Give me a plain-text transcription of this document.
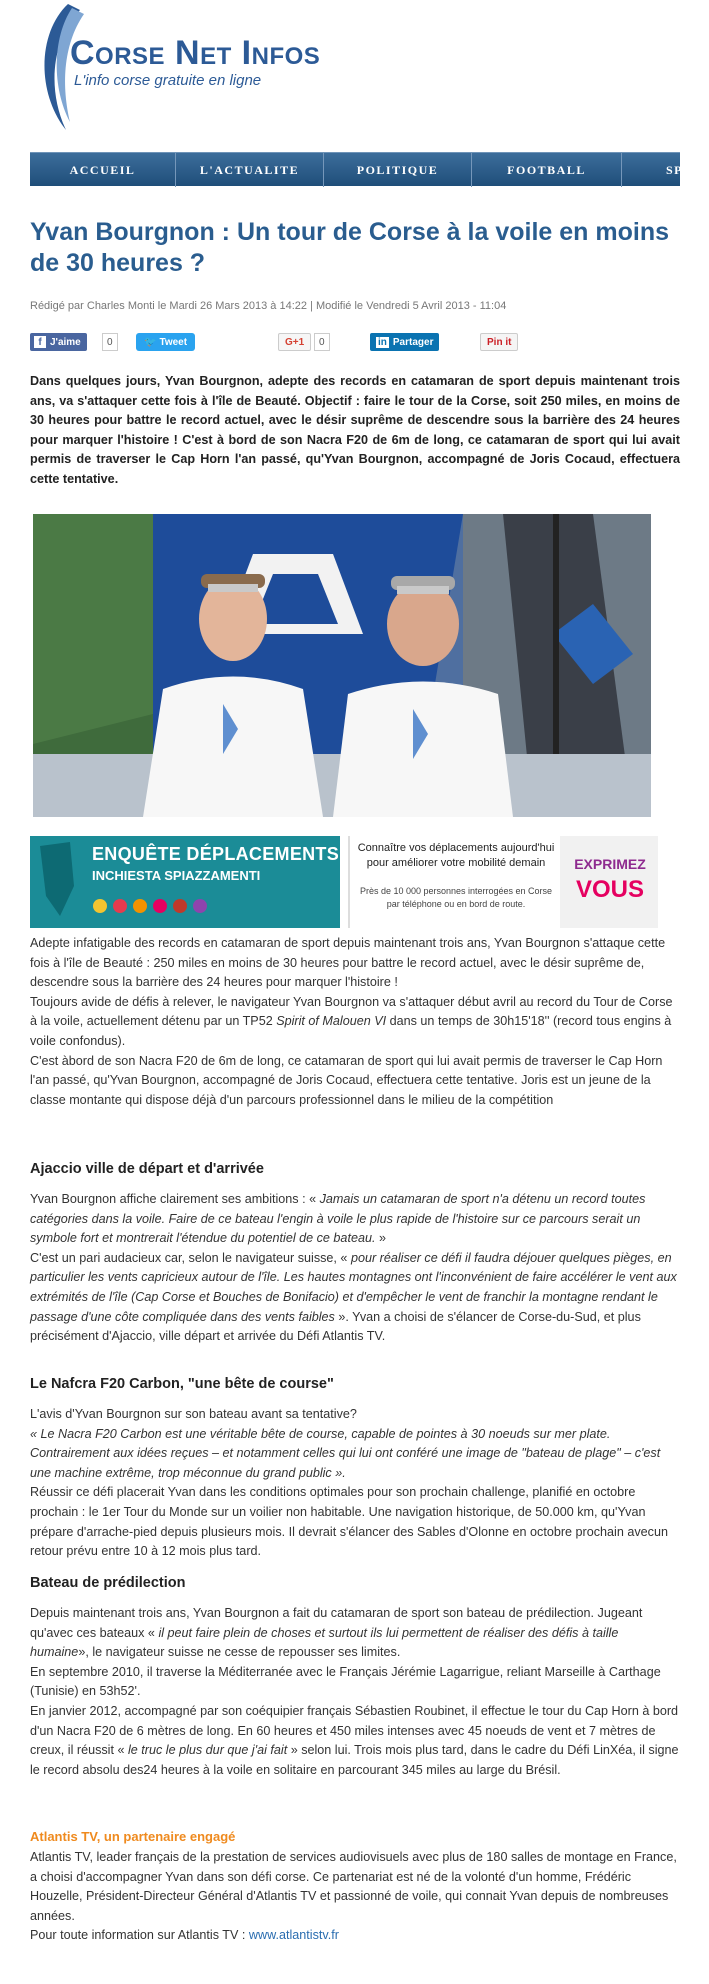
Corse Net Infos
L'info corse gratuite en ligne
ACCUEIL	L'ACTUALITE	POLITIQUE	FOOTBALL	SPO
Yvan Bourgnon : Un tour de Corse à la voile en moins de 30 heures ?
Rédigé par Charles Monti le Mardi 26 Mars 2013 à 14:22 | Modifié le Vendredi 5 Avril 2013 - 11:04
f J'aime	0	🐦 Tweet	G+1	0	in Partager	Pin it

Dans quelques jours, Yvan Bourgnon, adepte des records en catamaran de sport depuis maintenant trois ans, va s'attaquer cette fois à l'île de Beauté. Objectif : faire le tour de la Corse, soit 250 miles, en moins de 30 heures pour battre le record actuel, avec le désir suprême de descendre sous la barrière des 24 heures pour marquer l'histoire ! C'est à bord de son Nacra F20 de 6m de long, ce catamaran de sport qui lui avait permis de traverser le Cap Horn l'an passé, qu'Yvan Bourgnon, accompagné de Joris Cocaud, effectuera cette tentative.

ENQUÊTE DÉPLACEMENTS
INCHIESTA SPIAZZAMENTI
Connaître vos déplacements aujourd'hui
pour améliorer votre mobilité demain
Près de 10 000 personnes interrogées en Corse
par téléphone ou en bord de route.
EXPRIMEZ
VOUS
Adepte infatigable des records en catamaran de sport depuis maintenant trois ans, Yvan Bourgnon s'attaque cette fois à l'île de Beauté : 250 miles en moins de 30 heures pour battre le record actuel, avec le désir suprême de, descendre sous la barrière des 24 heures pour marquer l'histoire !
Toujours avide de défis à relever, le navigateur Yvan Bourgnon va s'attaquer début avril au record du Tour de Corse à la voile, actuellement détenu par un TP52 Spirit of Malouen VI dans un temps de 30h15'18'' (record tous engins à voile confondus).
C'est àbord de son Nacra F20 de 6m de long, ce catamaran de sport qui lui avait permis de traverser le Cap Horn l'an passé, qu'Yvan Bourgnon, accompagné de Joris Cocaud, effectuera cette tentative. Joris est un jeune de la classe montante qui dispose déjà d'un parcours professionnel dans le milieu de la compétition
Ajaccio ville de départ et d'arrivée
Yvan Bourgnon affiche clairement ses ambitions : « Jamais un catamaran de sport n'a détenu un record toutes catégories dans la voile. Faire de ce bateau l'engin à voile le plus rapide de l'histoire sur ce parcours serait un symbole fort et montrerait l'étendue du potentiel de ce bateau. »
C'est un pari audacieux car, selon le navigateur suisse, « pour réaliser ce défi il faudra déjouer quelques pièges, en particulier les vents capricieux autour de l'île. Les hautes montagnes ont l'inconvénient de faire accélérer le vent aux extrémités de l'île (Cap Corse et Bouches de Bonifacio) et d'empêcher le vent de franchir la montagne rendant le passage d'une côte compliquée dans des vents faibles ». Yvan a choisi de s'élancer de Corse-du-Sud, et plus précisément d'Ajaccio, ville départ et arrivée du Défi Atlantis TV.
Le Nafcra F20 Carbon, "une bête de course"
L'avis d'Yvan Bourgnon sur son bateau avant sa tentative?
« Le Nacra F20 Carbon est une véritable bête de course, capable de pointes à 30 noeuds sur mer plate. Contrairement aux idées reçues – et notamment celles qui lui ont conféré une image de "bateau de plage" – c'est une machine extrême, trop méconnue du grand public ».
Réussir ce défi placerait Yvan dans les conditions optimales pour son prochain challenge, planifié en octobre prochain : le 1er Tour du Monde sur un voilier non habitable. Une navigation historique, de 50.000 km, qu'Yvan prépare d'arrache-pied depuis plusieurs mois. Il devrait s'élancer des Sables d'Olonne en octobre prochain avecun retour prévu entre 10 à 12 mois plus tard.
Bateau de prédilection
Depuis maintenant trois ans, Yvan Bourgnon a fait du catamaran de sport son bateau de prédilection. Jugeant qu'avec ces bateaux « il peut faire plein de choses et surtout ils lui permettent de réaliser des défis à taille humaine», le navigateur suisse ne cesse de repousser ses limites.
En septembre 2010, il traverse la Méditerranée avec le Français Jérémie Lagarrigue, reliant Marseille à Carthage (Tunisie) en 53h52'.
En janvier 2012, accompagné par son coéquipier français Sébastien Roubinet, il effectue le tour du Cap Horn à bord d'un Nacra F20 de 6 mètres de long. En 60 heures et 450 miles intenses avec 45 noeuds de vent et 7 mètres de creux, il réussit « le truc le plus dur que j'ai fait » selon lui. Trois mois plus tard, dans le cadre du Défi LinXéa, il signe le record absolu des24 heures à la voile en solitaire en parcourant 345 miles au large du Brésil.
Atlantis TV, un partenaire engagé
Atlantis TV, leader français de la prestation de services audiovisuels avec plus de 180 salles de montage en France, a choisi d'accompagner Yvan dans son défi corse. Ce partenariat est né de la volonté d'un homme, Frédéric Houzelle, Président-Directeur Général d'Atlantis TV et passionné de voile, qui connait Yvan depuis de nombreuses
années.
Pour toute information sur Atlantis TV : www.atlantistv.fr
